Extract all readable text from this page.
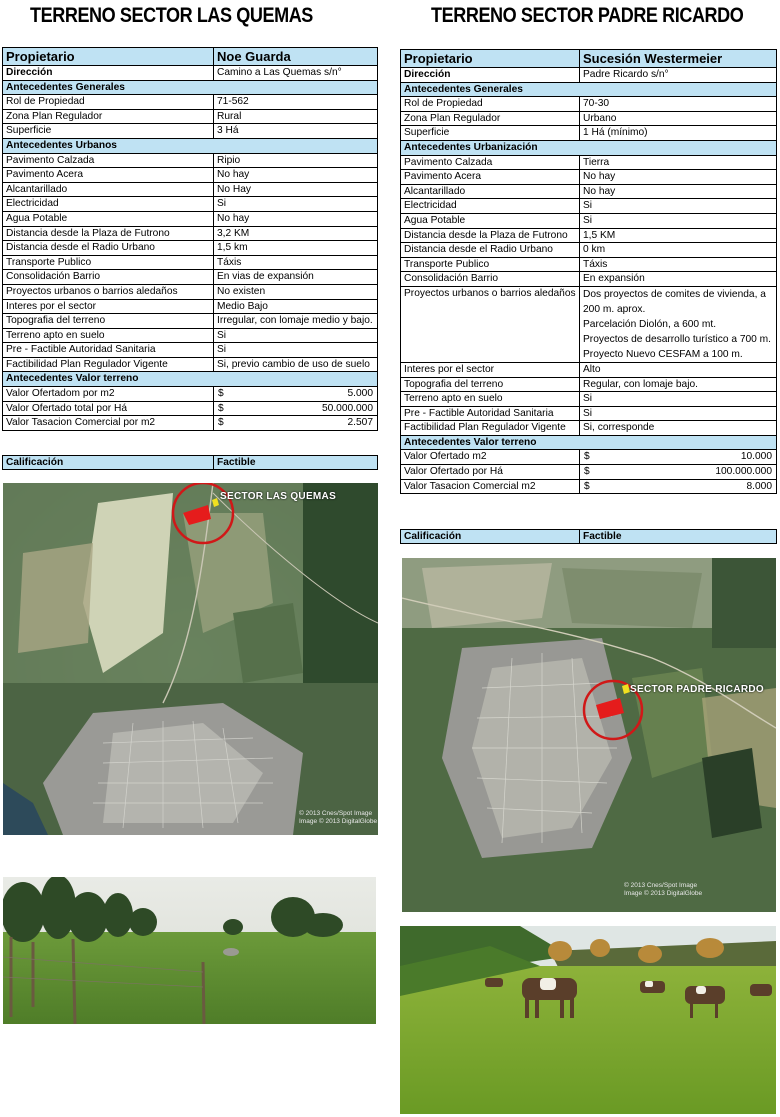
TERRENO SECTOR LAS QUEMAS
Propietario	Noe Guarda
Dirección	Camino a Las Quemas s/n°
Antecedentes Generales	
Rol de Propiedad	71-562
Zona Plan Regulador	Rural
Superficie	3 Há
Antecedentes Urbanos	
Pavimento Calzada	Ripio
Pavimento Acera	No hay
Alcantarillado	No Hay
Electricidad	Si
Agua Potable	No hay
Distancia desde la Plaza de Futrono	3,2 KM
Distancia desde el Radio Urbano	1,5 km
Transporte Publico	Táxis
Consolidación Barrio	En vias de expansión
Proyectos urbanos o barrios aledaños	No existen
Interes por el sector	Medio Bajo
Topografia del terreno	Irregular, con lomaje medio y bajo.
Terreno apto en suelo	Si
Pre - Factible Autoridad Sanitaria	Si
Factibilidad Plan Regulador Vigente	Si, previo cambio de uso de suelo
Antecedentes Valor terreno	
Valor Ofertadom por m2	$ 5.000

Valor Ofertado total por Há	$ 50.000.000

Valor Tasacion Comercial por m2	$ 2.507
Calificación	Factible
SECTOR LAS QUEMAS
© 2013 Cnes/Spot Image
Image © 2013 DigitalGlobe
TERRENO SECTOR PADRE RICARDO
Propietario	Sucesión Westermeier
Dirección	Padre Ricardo s/n°
Antecedentes Generales	
Rol de Propiedad	70-30
Zona Plan Regulador	Urbano
Superficie	1 Há (mínimo)
Antecedentes Urbanización	
Pavimento Calzada	Tierra
Pavimento Acera	No hay
Alcantarillado	No hay
Electricidad	Si
Agua Potable	Si
Distancia desde la Plaza de Futrono	1,5 KM
Distancia desde el Radio Urbano	0 km
Transporte Publico	Táxis
Consolidación Barrio	En expansión
Proyectos urbanos o barrios aledaños	Dos proyectos de comites de vivienda, a
200 m. aprox.
Parcelación Diolón, a 600 mt.
Proyectos de desarrollo turístico a 700 m.
Proyecto Nuevo CESFAM a 100 m.

Interes por el sector	Alto
Topografia del terreno	Regular, con lomaje bajo.
Terreno apto en suelo	Si
Pre - Factible Autoridad Sanitaria	Si
Factibilidad Plan Regulador Vigente	Si, corresponde
Antecedentes Valor terreno	
Valor Ofertado m2	$ 10.000

Valor Ofertado por Há	$ 100.000.000

Valor Tasacion Comercial m2	$ 8.000
Calificación	Factible
SECTOR PADRE RICARDO
© 2013 Cnes/Spot Image
Image © 2013 DigitalGlobe
